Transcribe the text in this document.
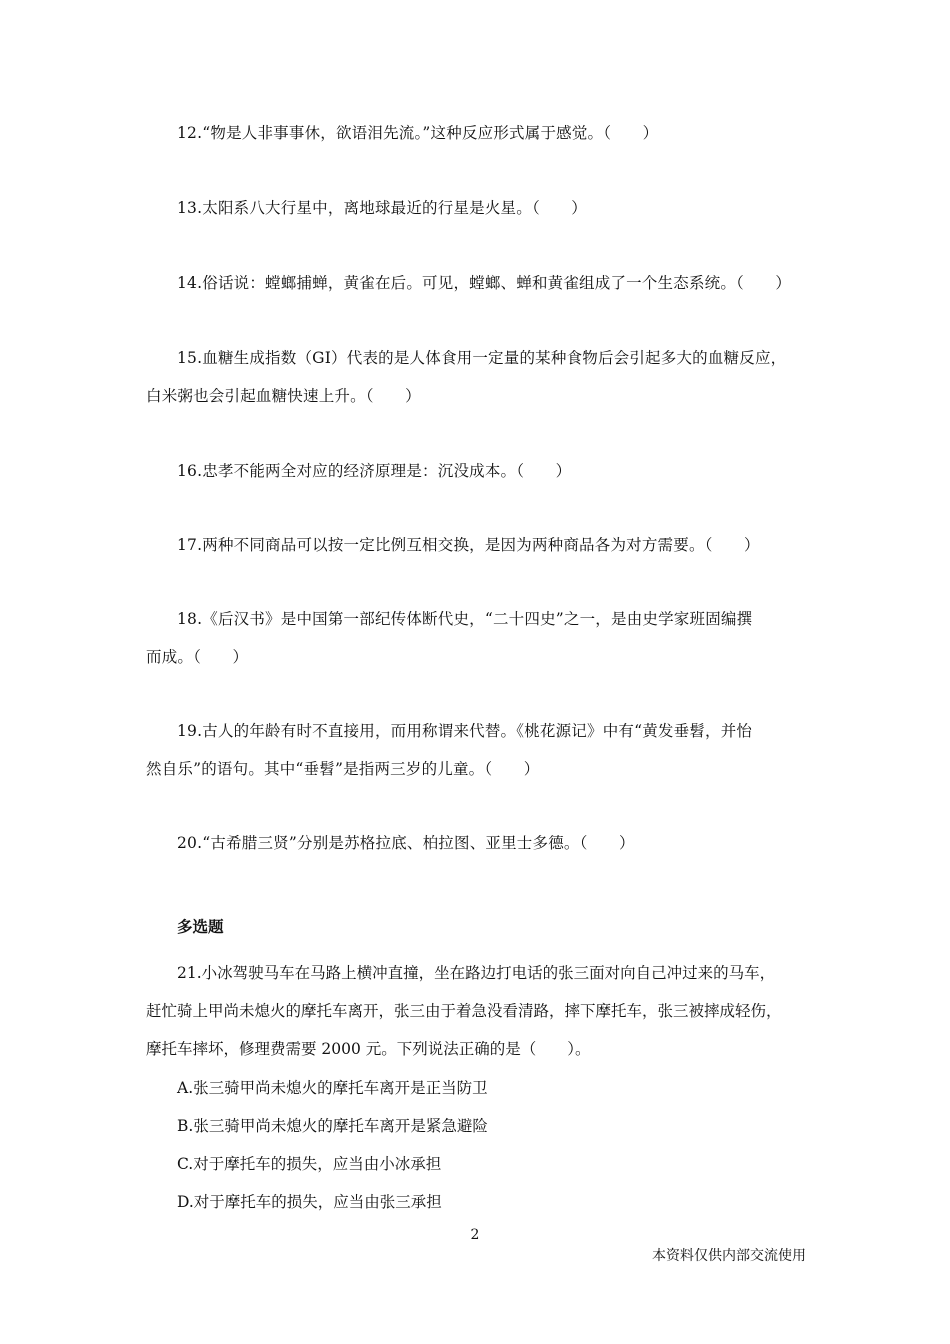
12.“物是人非事事休，欲语泪先流。”这种反应形式属于感觉。（　　）
13.太阳系八大行星中，离地球最近的行星是火星。（　　）
14.俗话说：螳螂捕蝉，黄雀在后。可见，螳螂、蝉和黄雀组成了一个生态系统。（　　）
15.血糖生成指数（GI）代表的是人体食用一定量的某种食物后会引起多大的血糖反应，
白米粥也会引起血糖快速上升。（　　）
16.忠孝不能两全对应的经济原理是：沉没成本。（　　）
17.两种不同商品可以按一定比例互相交换，是因为两种商品各为对方需要。（　　）
18.《后汉书》是中国第一部纪传体断代史，“二十四史”之一，是由史学家班固编撰
而成。（　　）
19.古人的年龄有时不直接用，而用称谓来代替。《桃花源记》中有“黄发垂髫，并怡
然自乐”的语句。其中“垂髫”是指两三岁的儿童。（　　）
20.“古希腊三贤”分别是苏格拉底、柏拉图、亚里士多德。（　　）
多选题
21.小冰驾驶马车在马路上横冲直撞，坐在路边打电话的张三面对向自己冲过来的马车，
赶忙骑上甲尚未熄火的摩托车离开，张三由于着急没看清路，摔下摩托车，张三被摔成轻伤，
摩托车摔坏，修理费需要 2000 元。下列说法正确的是（　　）。
A.张三骑甲尚未熄火的摩托车离开是正当防卫
B.张三骑甲尚未熄火的摩托车离开是紧急避险
C.对于摩托车的损失，应当由小冰承担
D.对于摩托车的损失，应当由张三承担
2
本资料仅供内部交流使用
